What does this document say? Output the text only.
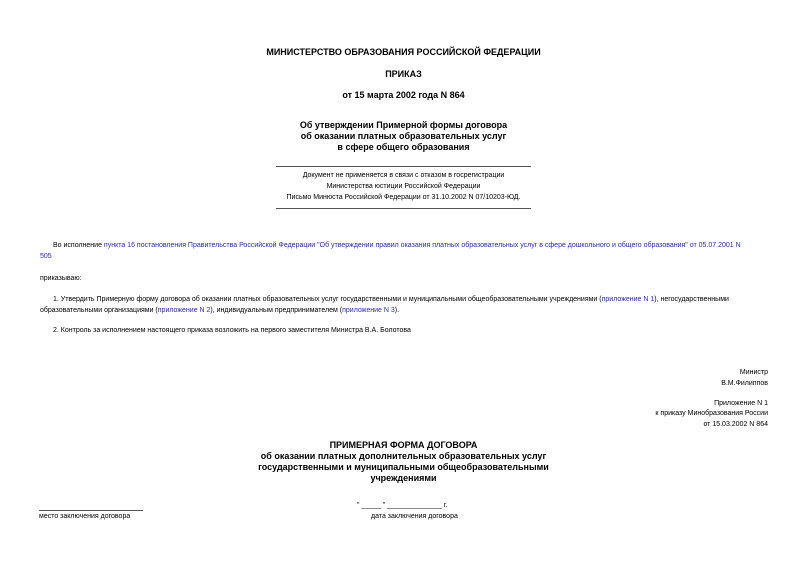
МИНИСТЕРСТВО ОБРАЗОВАНИЯ РОССИЙСКОЙ ФЕДЕРАЦИИ
ПРИКАЗ
от 15 марта 2002 года N 864
Об утверждении Примерной формы договора
об оказании платных образовательных услуг
в сфере общего образования
Документ не применяется в связи с отказом в госрегистрации
Министерства юстиции Российской Федерации
Письмо Минюста Российской Федерации от 31.10.2002 N 07/10203-ЮД.
Во исполнение пункта 16 постановления Правительства Российской Федерации "Об утверждении правил оказания платных образовательных услуг в сфере дошкольного и общего образования" от 05.07.2001 N
505
приказываю:
1. Утвердить Примерную форму договора об оказании платных образовательных услуг государственными и муниципальными общеобразовательными учреждениями (приложение N 1), негосударственными
образовательными организациями (приложение N 2), индивидуальным предпринимателем (приложение N 3).
2. Контроль за исполнением настоящего приказа возложить на первого заместителя Министра В.А. Болотова
Министр
В.М.Филиппов
Приложение N 1
к приказу Минобразования России
от 15.03.2002 N 864
ПРИМЕРНАЯ ФОРМА ДОГОВОРА
об оказании платных дополнительных образовательных услуг
государственными и муниципальными общеобразовательными
учреждениями
место заключения договора
" _____ " ______________ г.
дата заключения договора
